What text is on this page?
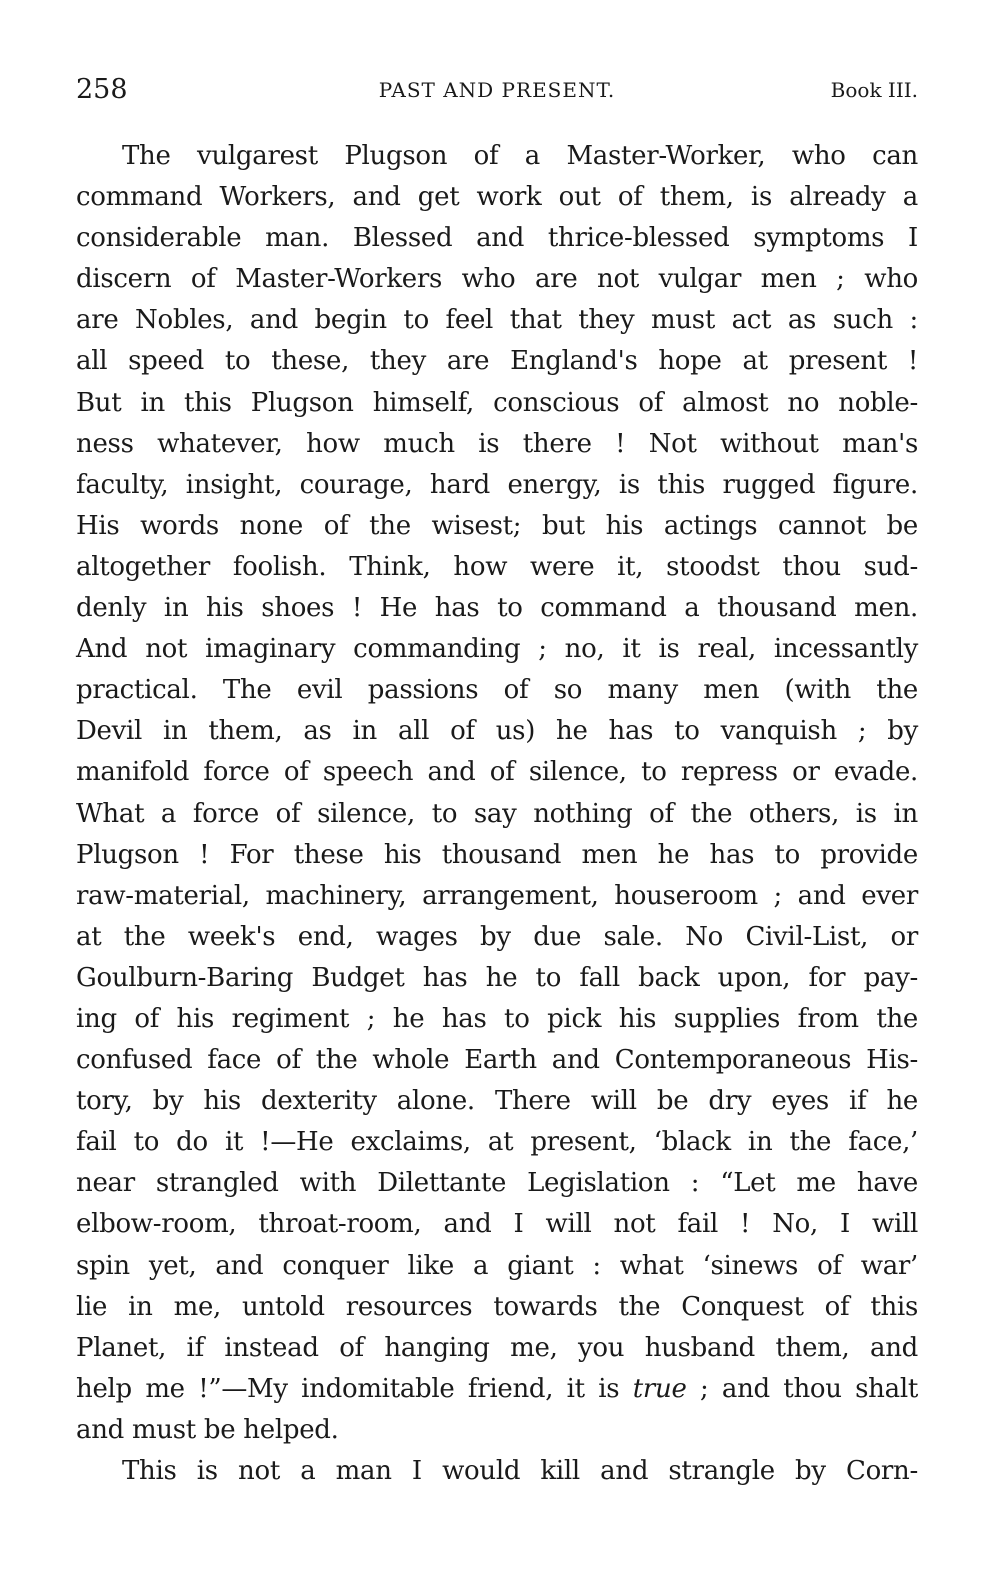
258	PAST AND PRESENT.	Book III.
The vulgarest Plugson of a Master-Worker, who can
command Workers, and get work out of them, is already a
considerable man. Blessed and thrice-blessed symptoms I
discern of Master-Workers who are not vulgar men ; who
are Nobles, and begin to feel that they must act as such :
all speed to these, they are England's hope at present !
But in this Plugson himself, conscious of almost no noble-
ness whatever, how much is there ! Not without man's
faculty, insight, courage, hard energy, is this rugged figure.
His words none of the wisest; but his actings cannot be
altogether foolish. Think, how were it, stoodst thou sud-
denly in his shoes ! He has to command a thousand men.
And not imaginary commanding ; no, it is real, incessantly
practical. The evil passions of so many men (with the
Devil in them, as in all of us) he has to vanquish ; by
manifold force of speech and of silence, to repress or evade.
What a force of silence, to say nothing of the others, is in
Plugson ! For these his thousand men he has to provide
raw-material, machinery, arrangement, houseroom ; and ever
at the week's end, wages by due sale. No Civil-List, or
Goulburn-Baring Budget has he to fall back upon, for pay-
ing of his regiment ; he has to pick his supplies from the
confused face of the whole Earth and Contemporaneous His-
tory, by his dexterity alone. There will be dry eyes if he
fail to do it !—He exclaims, at present, ‘black in the face,’
near strangled with Dilettante Legislation : “Let me have
elbow-room, throat-room, and I will not fail ! No, I will
spin yet, and conquer like a giant : what ‘sinews of war’
lie in me, untold resources towards the Conquest of this
Planet, if instead of hanging me, you husband them, and
help me !”—My indomitable friend, it is true ; and thou shalt
and must be helped.
This is not a man I would kill and strangle by Corn-
